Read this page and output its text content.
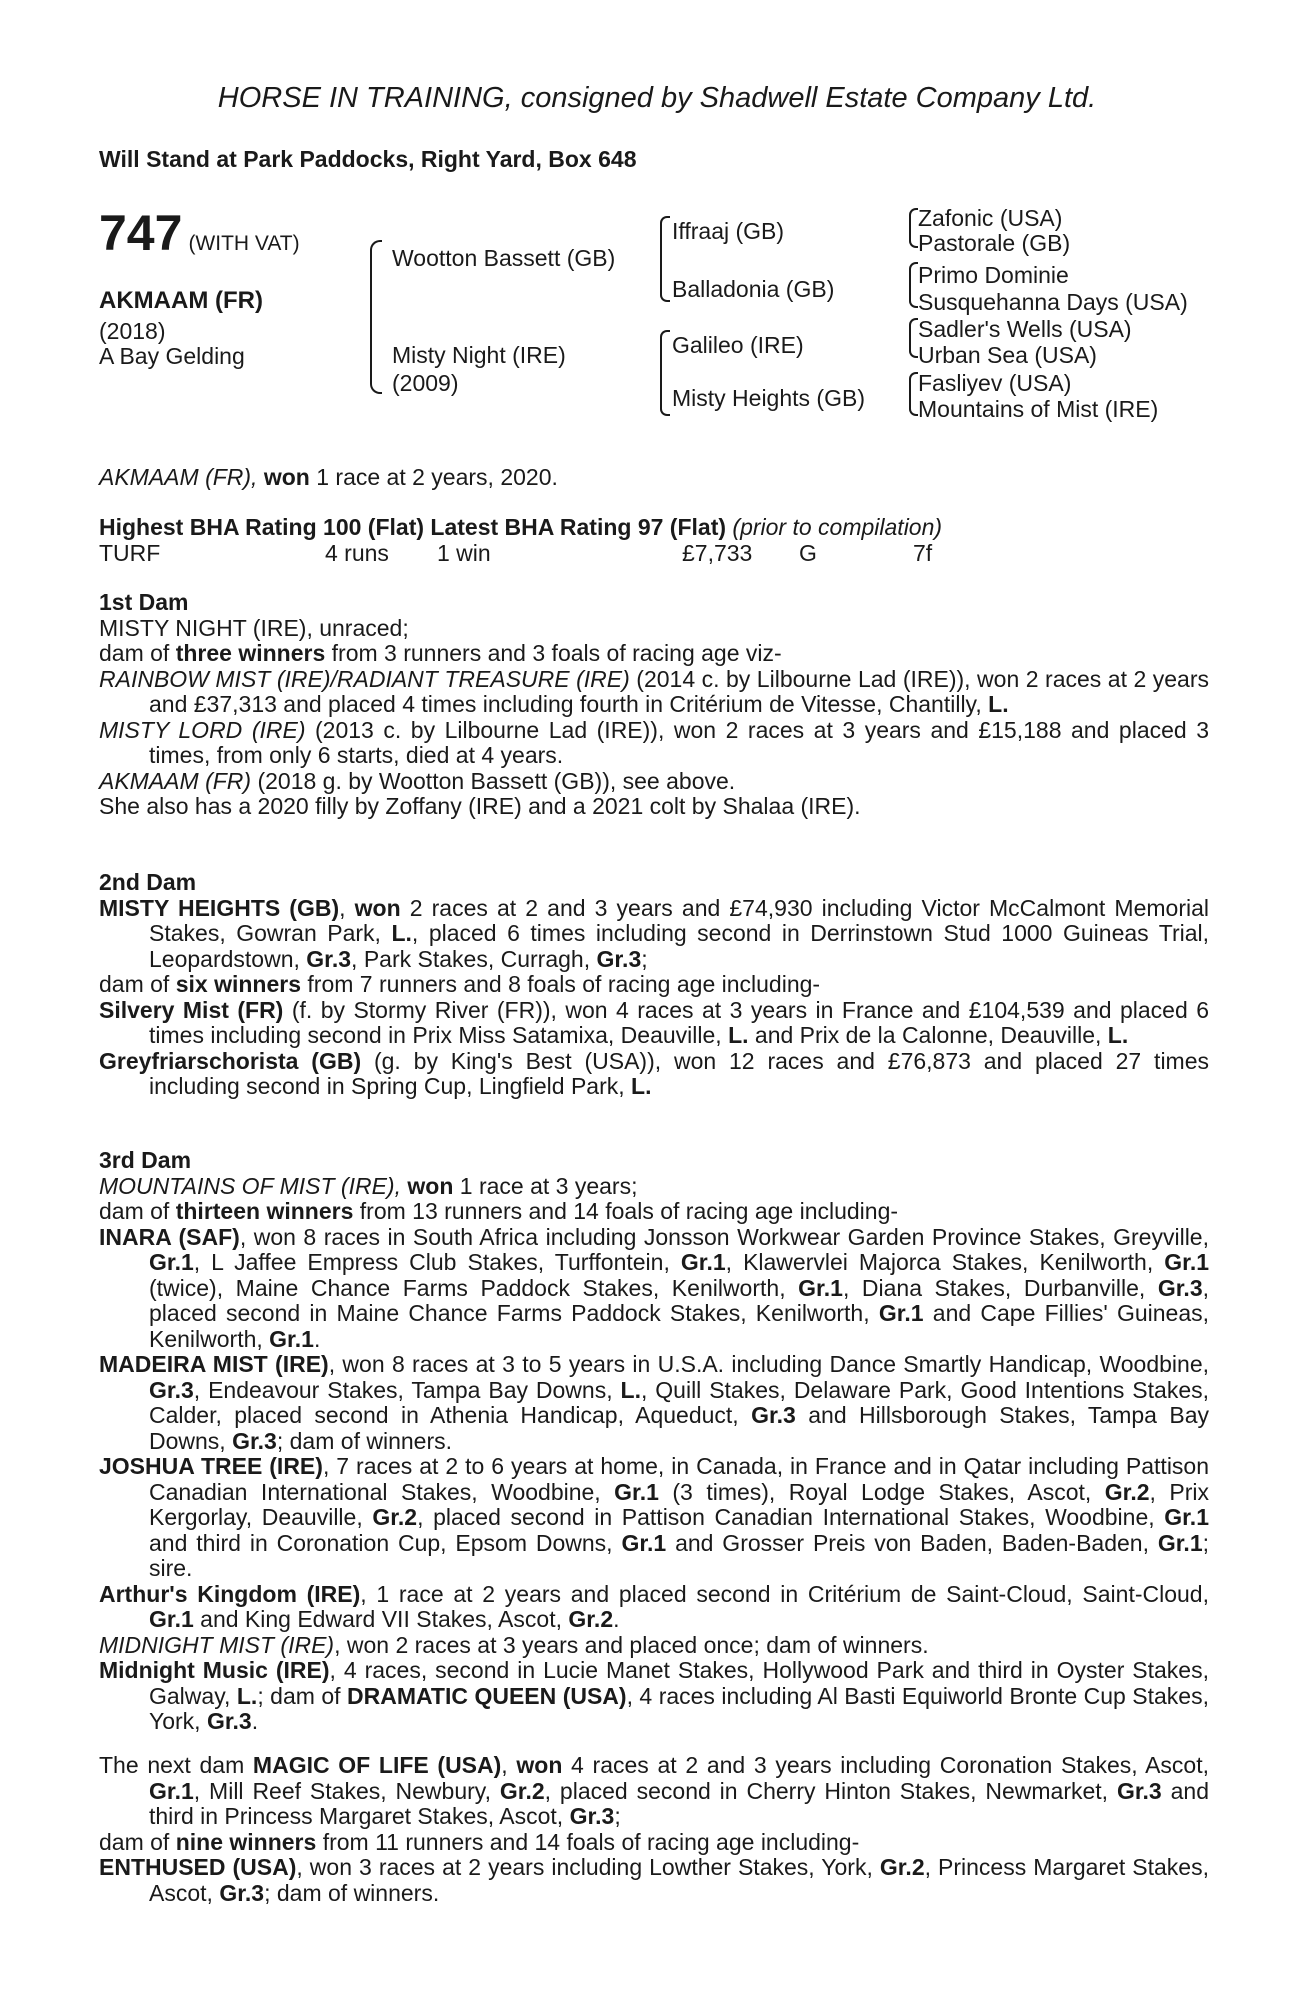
HORSE IN TRAINING, consigned by Shadwell Estate Company Ltd.
Will Stand at Park Paddocks, Right Yard, Box 648
747 (WITH VAT)
AKMAAM (FR)
(2018)
A Bay Gelding
Wootton Bassett (GB)
Misty Night (IRE)
(2009)
Iffraaj (GB)
Balladonia (GB)
Galileo (IRE)
Misty Heights (GB)
Zafonic (USA)
Pastorale (GB)
Primo Dominie
Susquehanna Days (USA)
Sadler's Wells (USA)
Urban Sea (USA)
Fasliyev (USA)
Mountains of Mist (IRE)
AKMAAM (FR), won 1 race at 2 years, 2020.
Highest BHA Rating 100 (Flat) Latest BHA Rating 97 (Flat) (prior to compilation)
TURF	4 runs 1 win	£7,733 G	7f

1st Dam

MISTY NIGHT (IRE), unraced;

dam of three winners from 3 runners and 3 foals of racing age viz-

RAINBOW MIST (IRE)/RADIANT TREASURE (IRE) (2014 c. by Lilbourne Lad (IRE)), won 2 races at 2 years and £37,313 and placed 4 times including fourth in Critérium de Vitesse, Chantilly, L.

MISTY LORD (IRE) (2013 c. by Lilbourne Lad (IRE)), won 2 races at 3 years and £15,188 and placed 3 times, from only 6 starts, died at 4 years.

AKMAAM (FR) (2018 g. by Wootton Bassett (GB)), see above.

She also has a 2020 filly by Zoffany (IRE) and a 2021 colt by Shalaa (IRE).

2nd Dam

MISTY HEIGHTS (GB), won 2 races at 2 and 3 years and £74,930 including Victor McCalmont Memorial Stakes, Gowran Park, L., placed 6 times including second in Derrinstown Stud 1000 Guineas Trial, Leopardstown, Gr.3, Park Stakes, Curragh, Gr.3;

dam of six winners from 7 runners and 8 foals of racing age including-

Silvery Mist (FR) (f. by Stormy River (FR)), won 4 races at 3 years in France and £104,539 and placed 6 times including second in Prix Miss Satamixa, Deauville, L. and Prix de la Calonne, Deauville, L.

Greyfriarschorista (GB) (g. by King's Best (USA)), won 12 races and £76,873 and placed 27 times including second in Spring Cup, Lingfield Park, L.

3rd Dam

MOUNTAINS OF MIST (IRE), won 1 race at 3 years;

dam of thirteen winners from 13 runners and 14 foals of racing age including-

INARA (SAF), won 8 races in South Africa including Jonsson Workwear Garden Province Stakes, Greyville, Gr.1, L Jaffee Empress Club Stakes, Turffontein, Gr.1, Klawervlei Majorca Stakes, Kenilworth, Gr.1 (twice), Maine Chance Farms Paddock Stakes, Kenilworth, Gr.1, Diana Stakes, Durbanville, Gr.3, placed second in Maine Chance Farms Paddock Stakes, Kenilworth, Gr.1 and Cape Fillies' Guineas, Kenilworth, Gr.1.

MADEIRA MIST (IRE), won 8 races at 3 to 5 years in U.S.A. including Dance Smartly Handicap, Woodbine, Gr.3, Endeavour Stakes, Tampa Bay Downs, L., Quill Stakes, Delaware Park, Good Intentions Stakes, Calder, placed second in Athenia Handicap, Aqueduct, Gr.3 and Hillsborough Stakes, Tampa Bay Downs, Gr.3; dam of winners.

JOSHUA TREE (IRE), 7 races at 2 to 6 years at home, in Canada, in France and in Qatar including Pattison Canadian International Stakes, Woodbine, Gr.1 (3 times), Royal Lodge Stakes, Ascot, Gr.2, Prix Kergorlay, Deauville, Gr.2, placed second in Pattison Canadian International Stakes, Woodbine, Gr.1 and third in Coronation Cup, Epsom Downs, Gr.1 and Grosser Preis von Baden, Baden-Baden, Gr.1; sire.

Arthur's Kingdom (IRE), 1 race at 2 years and placed second in Critérium de Saint-Cloud, Saint-Cloud, Gr.1 and King Edward VII Stakes, Ascot, Gr.2.

MIDNIGHT MIST (IRE), won 2 races at 3 years and placed once; dam of winners.

Midnight Music (IRE), 4 races, second in Lucie Manet Stakes, Hollywood Park and third in Oyster Stakes, Galway, L.; dam of DRAMATIC QUEEN (USA), 4 races including Al Basti Equiworld Bronte Cup Stakes, York, Gr.3.

The next dam MAGIC OF LIFE (USA), won 4 races at 2 and 3 years including Coronation Stakes, Ascot, Gr.1, Mill Reef Stakes, Newbury, Gr.2, placed second in Cherry Hinton Stakes, Newmarket, Gr.3 and third in Princess Margaret Stakes, Ascot, Gr.3;

dam of nine winners from 11 runners and 14 foals of racing age including-

ENTHUSED (USA), won 3 races at 2 years including Lowther Stakes, York, Gr.2, Princess Margaret Stakes, Ascot, Gr.3; dam of winners.
